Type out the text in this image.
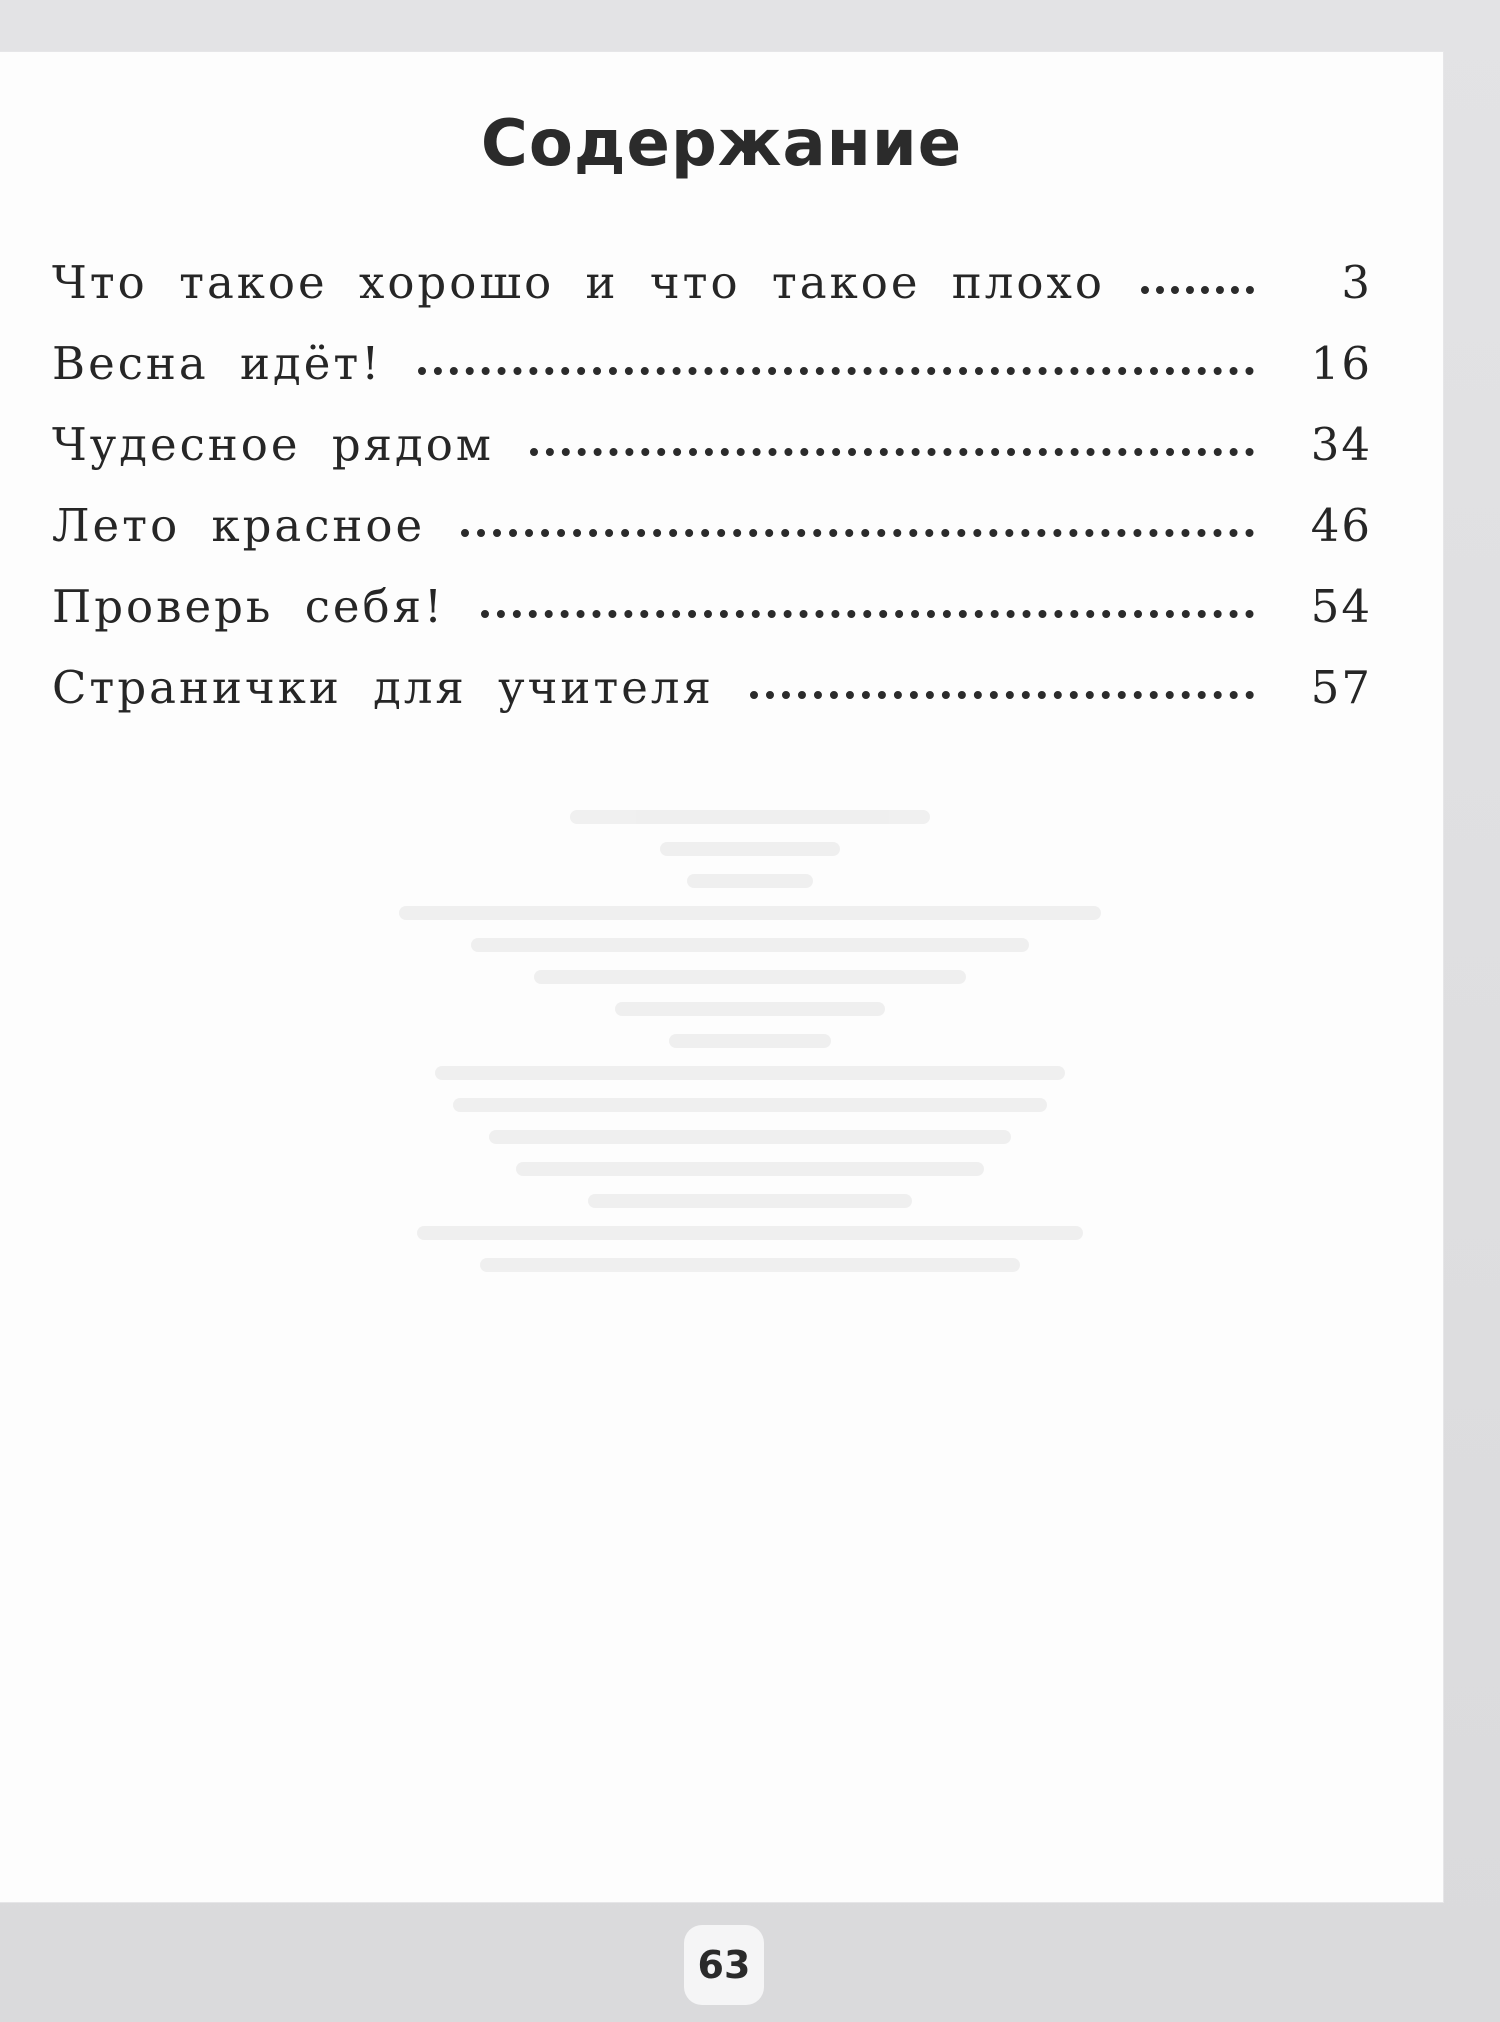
Содержание
Что такое хорошо и что такое плохо	3
Весна идёт!	16
Чудесное рядом	34
Лето красное	46
Проверь себя!	54
Странички для учителя	57
63
